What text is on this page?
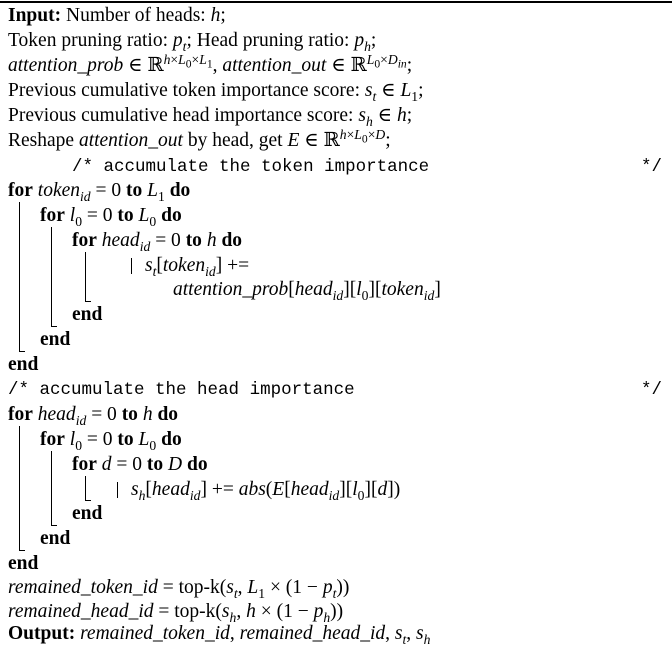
Input: Number of heads: h;
Token pruning ratio: $p_t$; Head pruning ratio: $p_h$;
attention_prob ∈ ℝ$^{h\times L_0\times L_1}$, attention_out ∈ ℝ$^{L_0\times D_{in}}$;
Previous cumulative token importance score: $s_t$ ∈ $L_1$;
Previous cumulative head importance score: $s_h$ ∈ h;
Reshape attention_out by head, get E ∈ ℝ$^{h\times L_0\times D}$;
/* accumulate the token importance	*/
for token$_{id}$ = 0 to $L_1$ do
for $l_0 = 0$ to $L_0$ do
for head$_{id}$ = 0 to h do
$s_t[token_{id}]$ +=
$attention\_prob[head_{id}][l_0][token_{id}]$
end
end
end
/* accumulate the head importance	*/
for head$_{id}$ = 0 to h do
for $l_0 = 0$ to $L_0$ do
for d = 0 to D do
$s_h[head_{id}]$ += $abs(E[head_{id}][l_0][d])$
end
end
end
remained_token_id = top-$k(s_t$, $L_1 \times (1 - p_t)$)
remained_head_id = top-$k(s_h$, $h \times (1 - p_h)$)
Output: remained_token_id, remained_head_id, $s_t$, $s_h$
